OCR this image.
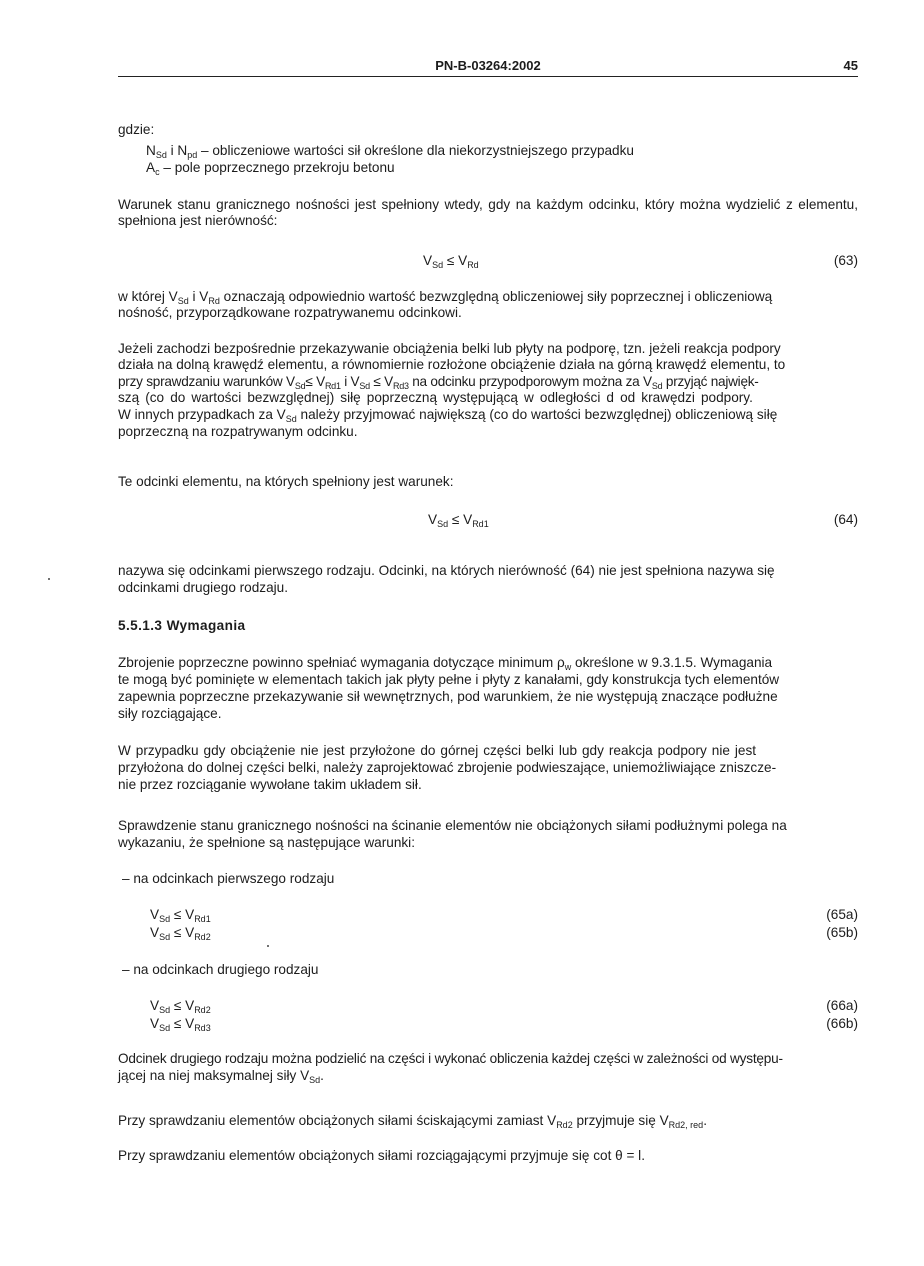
PN-B-03264:2002	45
gdzie:
$N_{Sd}$ i $N_{pd}$ – obliczeniowe wartości sił określone dla niekorzystniejszego przypadku
$A_c$ – pole poprzecznego przekroju betonu
Warunek stanu granicznego nośności jest spełniony wtedy, gdy na każdym odcinku, który można wydzielić z elementu, spełniona jest nierówność:
$V_{Sd} \le V_{Rd}$	(63)
w której $V_{Sd}$ i $V_{Rd}$ oznaczają odpowiednio wartość bezwzględną obliczeniowej siły poprzecznej i obliczeniową
nośność, przyporządkowane rozpatrywanemu odcinkowi.
Jeżeli zachodzi bezpośrednie przekazywanie obciążenia belki lub płyty na podporę, tzn. jeżeli reakcja podpory
działa na dolną krawędź elementu, a równomiernie rozłożone obciążenie działa na górną krawędź elementu, to
przy sprawdzaniu warunków $V_{Sd}\le V_{Rd1}$ i $V_{Sd} \le V_{Rd3}$ na odcinku przypodporowym można za $V_{Sd}$ przyjąć najwięk-
szą (co do wartości bezwzględnej) siłę poprzeczną występującą w odległości d od krawędzi podpory.
W innych przypadkach za $V_{Sd}$ należy przyjmować największą (co do wartości bezwzględnej) obliczeniową siłę
poprzeczną na rozpatrywanym odcinku.
Te odcinki elementu, na których spełniony jest warunek:
$V_{Sd} \le V_{Rd1}$	(64)
nazywa się odcinkami pierwszego rodzaju. Odcinki, na których nierówność (64) nie jest spełniona nazywa się
odcinkami drugiego rodzaju.
5.5.1.3 Wymagania
Zbrojenie poprzeczne powinno spełniać wymagania dotyczące minimum $\rho_w$ określone w 9.3.1.5. Wymagania
te mogą być pominięte w elementach takich jak płyty pełne i płyty z kanałami, gdy konstrukcja tych elementów
zapewnia poprzeczne przekazywanie sił wewnętrznych, pod warunkiem, że nie występują znaczące podłużne
siły rozciągające.
W przypadku gdy obciążenie nie jest przyłożone do górnej części belki lub gdy reakcja podpory nie jest
przyłożona do dolnej części belki, należy zaprojektować zbrojenie podwieszające, uniemożliwiające zniszcze-
nie przez rozciąganie wywołane takim układem sił.
Sprawdzenie stanu granicznego nośności na ścinanie elementów nie obciążonych siłami podłużnymi polega na
wykazaniu, że spełnione są następujące warunki:
– na odcinkach pierwszego rodzaju
$V_{Sd} \le V_{Rd1}$	(65a)
$V_{Sd} \le V_{Rd2}$	(65b)
– na odcinkach drugiego rodzaju
$V_{Sd} \le V_{Rd2}$	(66a)
$V_{Sd} \le V_{Rd3}$	(66b)
Odcinek drugiego rodzaju można podzielić na części i wykonać obliczenia każdej części w zależności od występu-
jącej na niej maksymalnej siły $V_{Sd}$.
Przy sprawdzaniu elementów obciążonych siłami ściskającymi zamiast $V_{Rd2}$ przyjmuje się $V_{Rd2, red}$.
Przy sprawdzaniu elementów obciążonych siłami rozciągającymi przyjmuje się cot θ = l.
